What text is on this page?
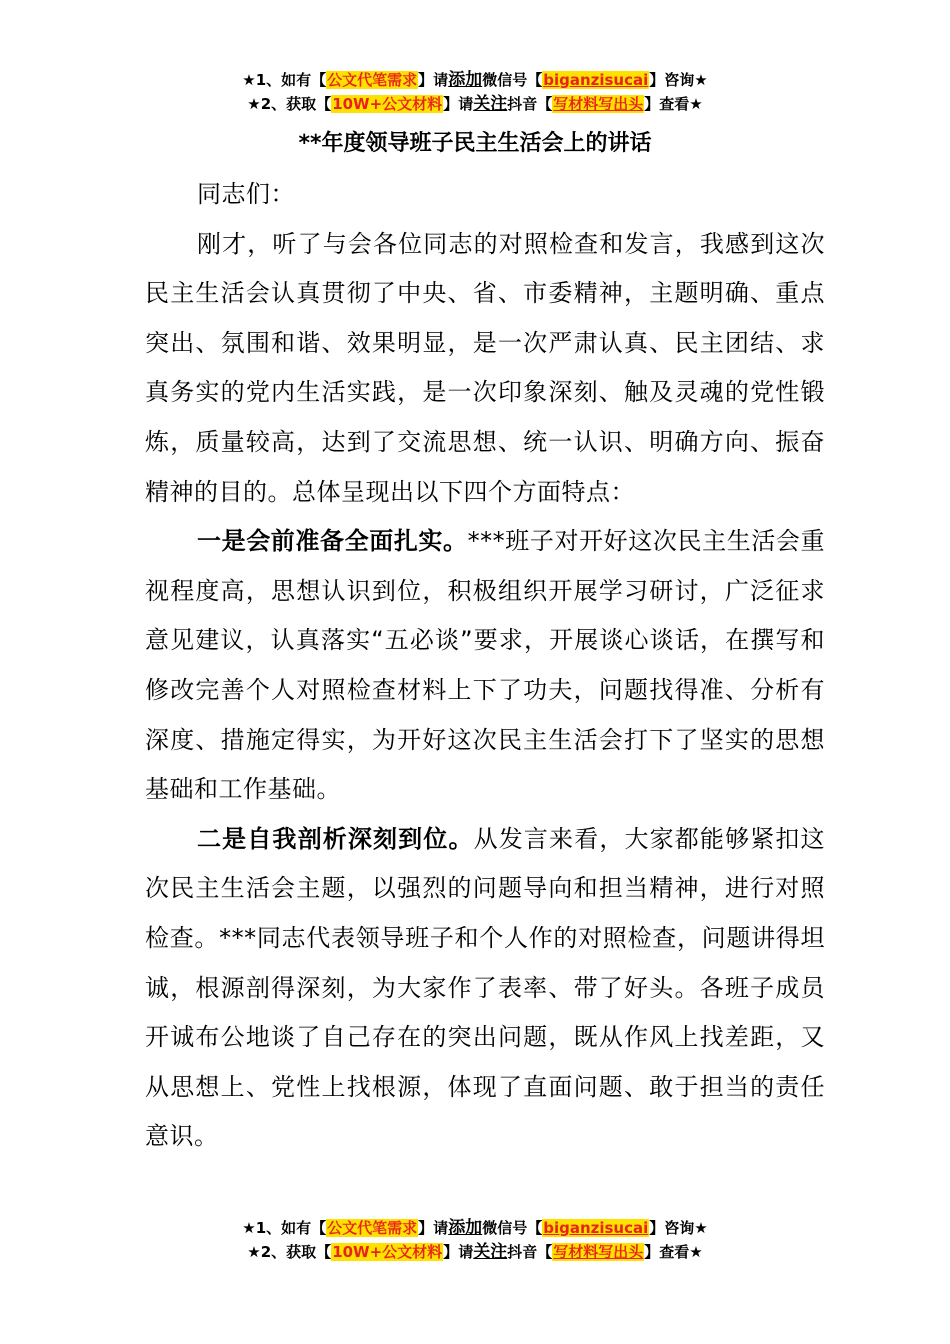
★1、如有【公文代笔需求】请添加微信号【biganzisucai】咨询★
★2、获取【10W+公文材料】请关注抖音【写材料写出头】查看★
**年度领导班子民主生活会上的讲话

同志们：

刚才，听了与会各位同志的对照检查和发言，我感到这次民主生活会认真贯彻了中央、省、市委精神，主题明确、重点突出、氛围和谐、效果明显，是一次严肃认真、民主团结、求真务实的党内生活实践，是一次印象深刻、触及灵魂的党性锻炼，质量较高，达到了交流思想、统一认识、明确方向、振奋精神的目的。总体呈现出以下四个方面特点：

一是会前准备全面扎实。***班子对开好这次民主生活会重视程度高，思想认识到位，积极组织开展学习研讨，广泛征求意见建议，认真落实“五必谈”要求，开展谈心谈话，在撰写和修改完善个人对照检查材料上下了功夫，问题找得准、分析有深度、措施定得实，为开好这次民主生活会打下了坚实的思想基础和工作基础。

二是自我剖析深刻到位。从发言来看，大家都能够紧扣这次民主生活会主题，以强烈的问题导向和担当精神，进行对照检查。***同志代表领导班子和个人作的对照检查，问题讲得坦诚，根源剖得深刻，为大家作了表率、带了好头。各班子成员开诚布公地谈了自己存在的突出问题，既从作风上找差距，又从思想上、党性上找根源，体现了直面问题、敢于担当的责任意识。

★1、如有【公文代笔需求】请添加微信号【biganzisucai】咨询★
★2、获取【10W+公文材料】请关注抖音【写材料写出头】查看★
